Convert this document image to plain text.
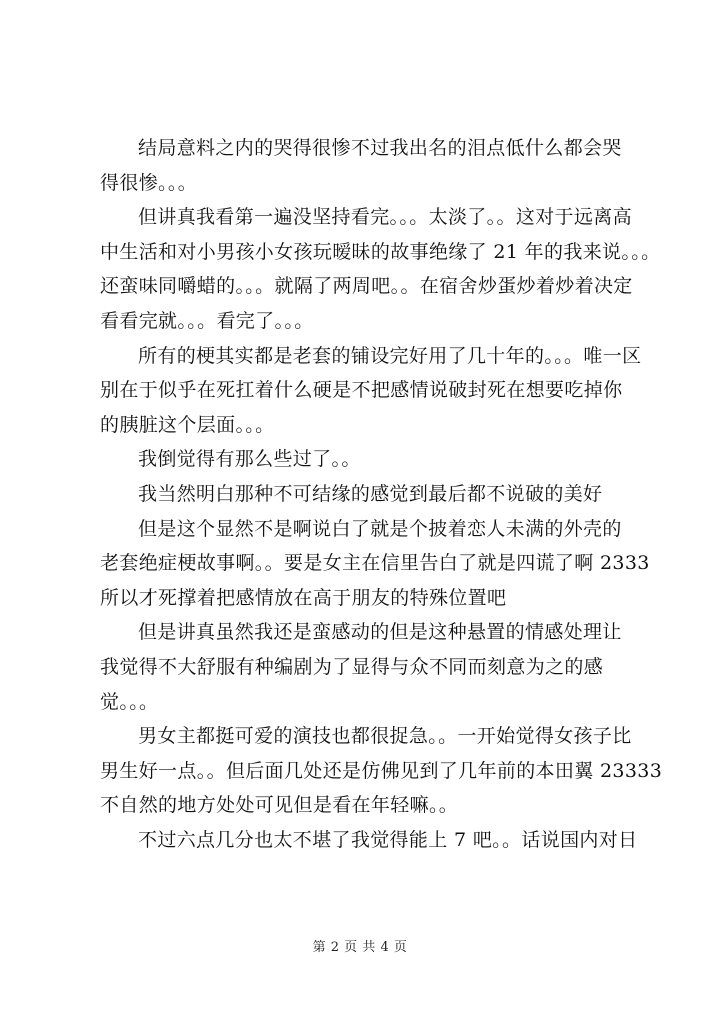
结局意料之内的哭得很惨不过我出名的泪点低什么都会哭
得很惨。。。
但讲真我看第一遍没坚持看完。。。太淡了。。这对于远离高
中生活和对小男孩小女孩玩暧昧的故事绝缘了 21 年的我来说。。。
还蛮味同嚼蜡的。。。就隔了两周吧。。在宿舍炒蛋炒着炒着决定
看看完就。。。看完了。。。
所有的梗其实都是老套的铺设完好用了几十年的。。。唯一区
别在于似乎在死扛着什么硬是不把感情说破封死在想要吃掉你
的胰脏这个层面。。。
我倒觉得有那么些过了。。
我当然明白那种不可结缘的感觉到最后都不说破的美好
但是这个显然不是啊说白了就是个披着恋人未满的外壳的
老套绝症梗故事啊。。要是女主在信里告白了就是四谎了啊 2333
所以才死撑着把感情放在高于朋友的特殊位置吧
但是讲真虽然我还是蛮感动的但是这种悬置的情感处理让
我觉得不大舒服有种编剧为了显得与众不同而刻意为之的感
觉。。。
男女主都挺可爱的演技也都很捉急。。一开始觉得女孩子比
男生好一点。。但后面几处还是仿佛见到了几年前的本田翼 23333
不自然的地方处处可见但是看在年轻嘛。。
不过六点几分也太不堪了我觉得能上 7 吧。。话说国内对日
第 2 页 共 4 页
